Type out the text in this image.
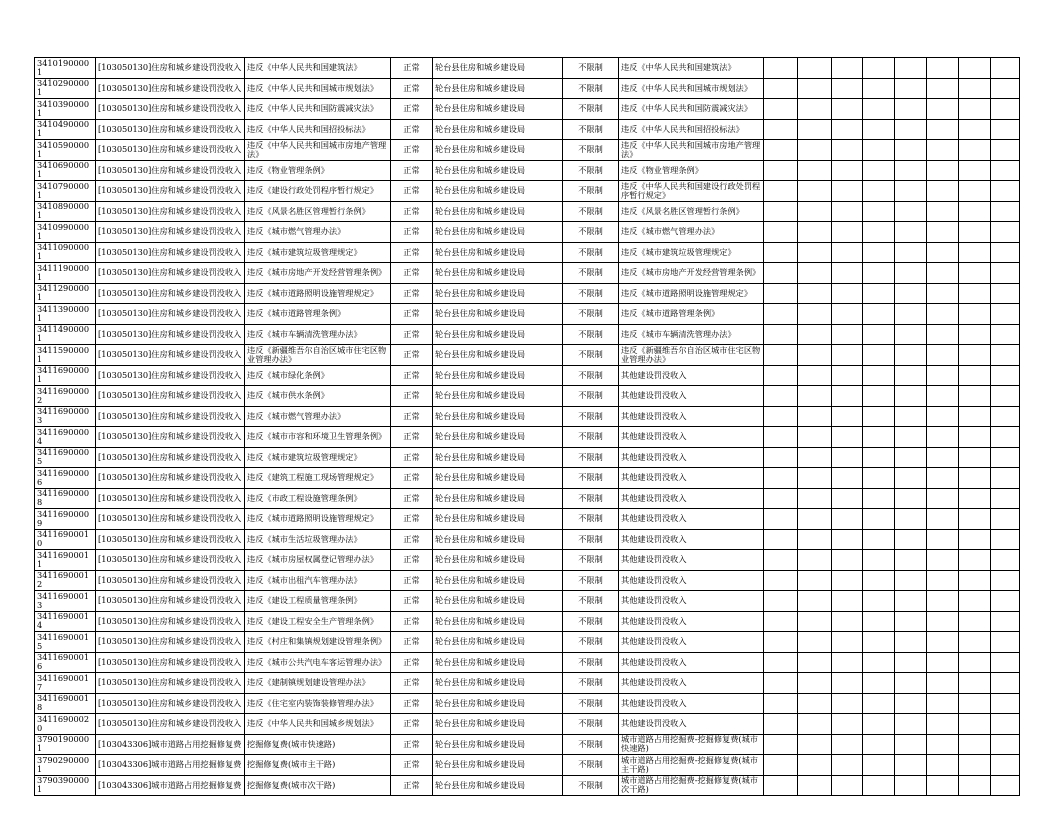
34101900001	[103050130]住房和城乡建设罚没收入	违反《中华人民共和国建筑法》	正常	轮台县住房和城乡建设局	不限制	违反《中华人民共和国建筑法》								
34102900001	[103050130]住房和城乡建设罚没收入	违反《中华人民共和国城市规划法》	正常	轮台县住房和城乡建设局	不限制	违反《中华人民共和国城市规划法》								
34103900001	[103050130]住房和城乡建设罚没收入	违反《中华人民共和国防震减灾法》	正常	轮台县住房和城乡建设局	不限制	违反《中华人民共和国防震减灾法》								
34104900001	[103050130]住房和城乡建设罚没收入	违反《中华人民共和国招投标法》	正常	轮台县住房和城乡建设局	不限制	违反《中华人民共和国招投标法》								
34105900001	[103050130]住房和城乡建设罚没收入	违反《中华人民共和国城市房地产管理法》	正常	轮台县住房和城乡建设局	不限制	违反《中华人民共和国城市房地产管理法》								
34106900001	[103050130]住房和城乡建设罚没收入	违反《物业管理条例》	正常	轮台县住房和城乡建设局	不限制	违反《物业管理条例》								
34107900001	[103050130]住房和城乡建设罚没收入	违反《建设行政处罚程序暂行规定》	正常	轮台县住房和城乡建设局	不限制	违反《中华人民共和国建设行政处罚程序暂行规定》								
34108900001	[103050130]住房和城乡建设罚没收入	违反《风景名胜区管理暂行条例》	正常	轮台县住房和城乡建设局	不限制	违反《风景名胜区管理暂行条例》								
34109900001	[103050130]住房和城乡建设罚没收入	违反《城市燃气管理办法》	正常	轮台县住房和城乡建设局	不限制	违反《城市燃气管理办法》								
34110900001	[103050130]住房和城乡建设罚没收入	违反《城市建筑垃圾管理规定》	正常	轮台县住房和城乡建设局	不限制	违反《城市建筑垃圾管理规定》								
34111900001	[103050130]住房和城乡建设罚没收入	违反《城市房地产开发经营管理条例》	正常	轮台县住房和城乡建设局	不限制	违反《城市房地产开发经营管理条例》								
34112900001	[103050130]住房和城乡建设罚没收入	违反《城市道路照明设施管理规定》	正常	轮台县住房和城乡建设局	不限制	违反《城市道路照明设施管理规定》								
34113900001	[103050130]住房和城乡建设罚没收入	违反《城市道路管理条例》	正常	轮台县住房和城乡建设局	不限制	违反《城市道路管理条例》								
34114900001	[103050130]住房和城乡建设罚没收入	违反《城市车辆清洗管理办法》	正常	轮台县住房和城乡建设局	不限制	违反《城市车辆清洗管理办法》								
34115900001	[103050130]住房和城乡建设罚没收入	违反《新疆维吾尔自治区城市住宅区物业管理办法》	正常	轮台县住房和城乡建设局	不限制	违反《新疆维吾尔自治区城市住宅区物业管理办法》								
34116900001	[103050130]住房和城乡建设罚没收入	违反《城市绿化条例》	正常	轮台县住房和城乡建设局	不限制	其他建设罚没收入								
34116900002	[103050130]住房和城乡建设罚没收入	违反《城市供水条例》	正常	轮台县住房和城乡建设局	不限制	其他建设罚没收入								
34116900003	[103050130]住房和城乡建设罚没收入	违反《城市燃气管理办法》	正常	轮台县住房和城乡建设局	不限制	其他建设罚没收入								
34116900004	[103050130]住房和城乡建设罚没收入	违反《城市市容和环境卫生管理条例》	正常	轮台县住房和城乡建设局	不限制	其他建设罚没收入								
34116900005	[103050130]住房和城乡建设罚没收入	违反《城市建筑垃圾管理规定》	正常	轮台县住房和城乡建设局	不限制	其他建设罚没收入								
34116900006	[103050130]住房和城乡建设罚没收入	违反《建筑工程施工现场管理规定》	正常	轮台县住房和城乡建设局	不限制	其他建设罚没收入								
34116900008	[103050130]住房和城乡建设罚没收入	违反《市政工程设施管理条例》	正常	轮台县住房和城乡建设局	不限制	其他建设罚没收入								
34116900009	[103050130]住房和城乡建设罚没收入	违反《城市道路照明设施管理规定》	正常	轮台县住房和城乡建设局	不限制	其他建设罚没收入								
34116900010	[103050130]住房和城乡建设罚没收入	违反《城市生活垃圾管理办法》	正常	轮台县住房和城乡建设局	不限制	其他建设罚没收入								
34116900011	[103050130]住房和城乡建设罚没收入	违反《城市房屋权属登记管理办法》	正常	轮台县住房和城乡建设局	不限制	其他建设罚没收入								
34116900012	[103050130]住房和城乡建设罚没收入	违反《城市出租汽车管理办法》	正常	轮台县住房和城乡建设局	不限制	其他建设罚没收入								
34116900013	[103050130]住房和城乡建设罚没收入	违反《建设工程质量管理条例》	正常	轮台县住房和城乡建设局	不限制	其他建设罚没收入								
34116900014	[103050130]住房和城乡建设罚没收入	违反《建设工程安全生产管理条例》	正常	轮台县住房和城乡建设局	不限制	其他建设罚没收入								
34116900015	[103050130]住房和城乡建设罚没收入	违反《村庄和集镇规划建设管理条例》	正常	轮台县住房和城乡建设局	不限制	其他建设罚没收入								
34116900016	[103050130]住房和城乡建设罚没收入	违反《城市公共汽电车客运管理办法》	正常	轮台县住房和城乡建设局	不限制	其他建设罚没收入								
34116900017	[103050130]住房和城乡建设罚没收入	违反《建制镇规划建设管理办法》	正常	轮台县住房和城乡建设局	不限制	其他建设罚没收入								
34116900018	[103050130]住房和城乡建设罚没收入	违反《住宅室内装饰装修管理办法》	正常	轮台县住房和城乡建设局	不限制	其他建设罚没收入								
34116900020	[103050130]住房和城乡建设罚没收入	违反《中华人民共和国城乡规划法》	正常	轮台县住房和城乡建设局	不限制	其他建设罚没收入								
37901900001	[103043306]城市道路占用挖掘修复费	挖掘修复费(城市快速路)	正常	轮台县住房和城乡建设局	不限制	城市道路占用挖掘费-挖掘修复费(城市快速路)								
37902900001	[103043306]城市道路占用挖掘修复费	挖掘修复费(城市主干路)	正常	轮台县住房和城乡建设局	不限制	城市道路占用挖掘费-挖掘修复费(城市主干路)								
37903900001	[103043306]城市道路占用挖掘修复费	挖掘修复费(城市次干路)	正常	轮台县住房和城乡建设局	不限制	城市道路占用挖掘费-挖掘修复费(城市次干路)								
